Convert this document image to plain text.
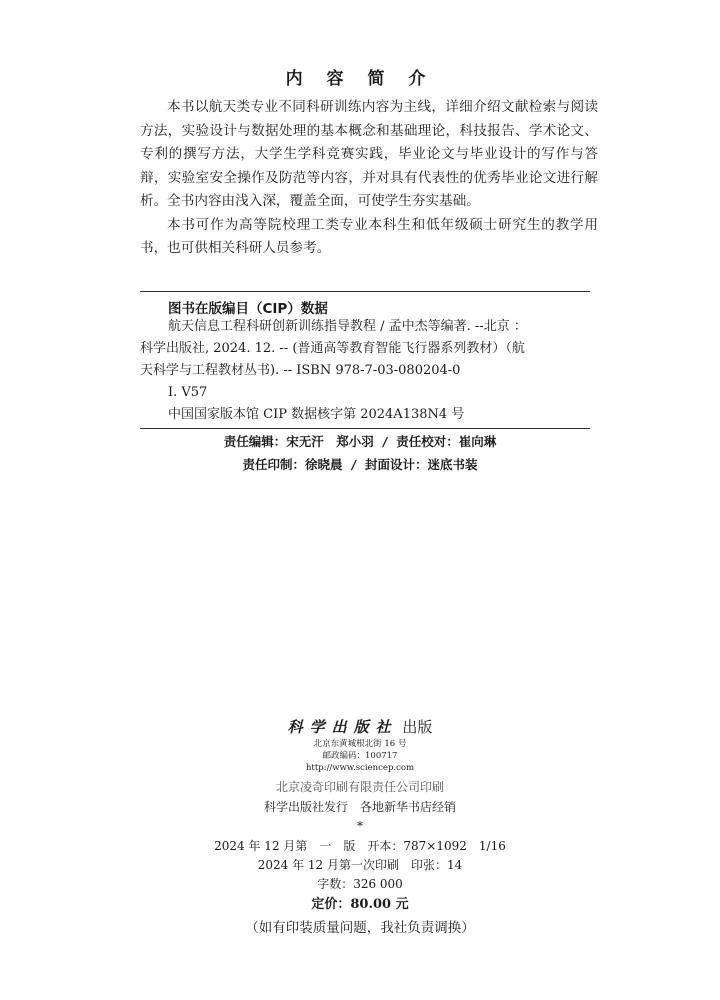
内 容 简 介

本书以航天类专业不同科研训练内容为主线，详细介绍文献检索与阅读方法，实验设计与数据处理的基本概念和基础理论，科技报告、学术论文、专利的撰写方法，大学生学科竞赛实践，毕业论文与毕业设计的写作与答辩，实验室安全操作及防范等内容，并对具有代表性的优秀毕业论文进行解析。全书内容由浅入深，覆盖全面，可使学生夯实基础。

本书可作为高等院校理工类专业本科生和低年级硕士研究生的教学用书，也可供相关科研人员参考。

图书在版编目（CIP）数据
航天信息工程科研创新训练指导教程 / 孟中杰等编著. --北京 ：
科学出版社, 2024. 12. -- (普通高等教育智能飞行器系列教材）（航
天科学与工程教材丛书). -- ISBN 978-7-03-080204-0
Ⅰ. V57
中国国家版本馆 CIP 数据核字第 2024A138N4 号
责任编辑：宋无汗　郑小羽 / 责任校对：崔向琳
责任印制：徐晓晨 / 封面设计：迷底书装
科学出版社 出版
北京东黄城根北街 16 号
邮政编码：100717
http://www.sciencep.com
北京凌奇印刷有限责任公司印刷
科学出版社发行　各地新华书店经销
*
2024 年 12 月第　一　版　开本：787×1092　1/16
2024 年 12 月第一次印刷　印张：14
字数：326 000
定价：80.00 元
（如有印装质量问题，我社负责调换）
